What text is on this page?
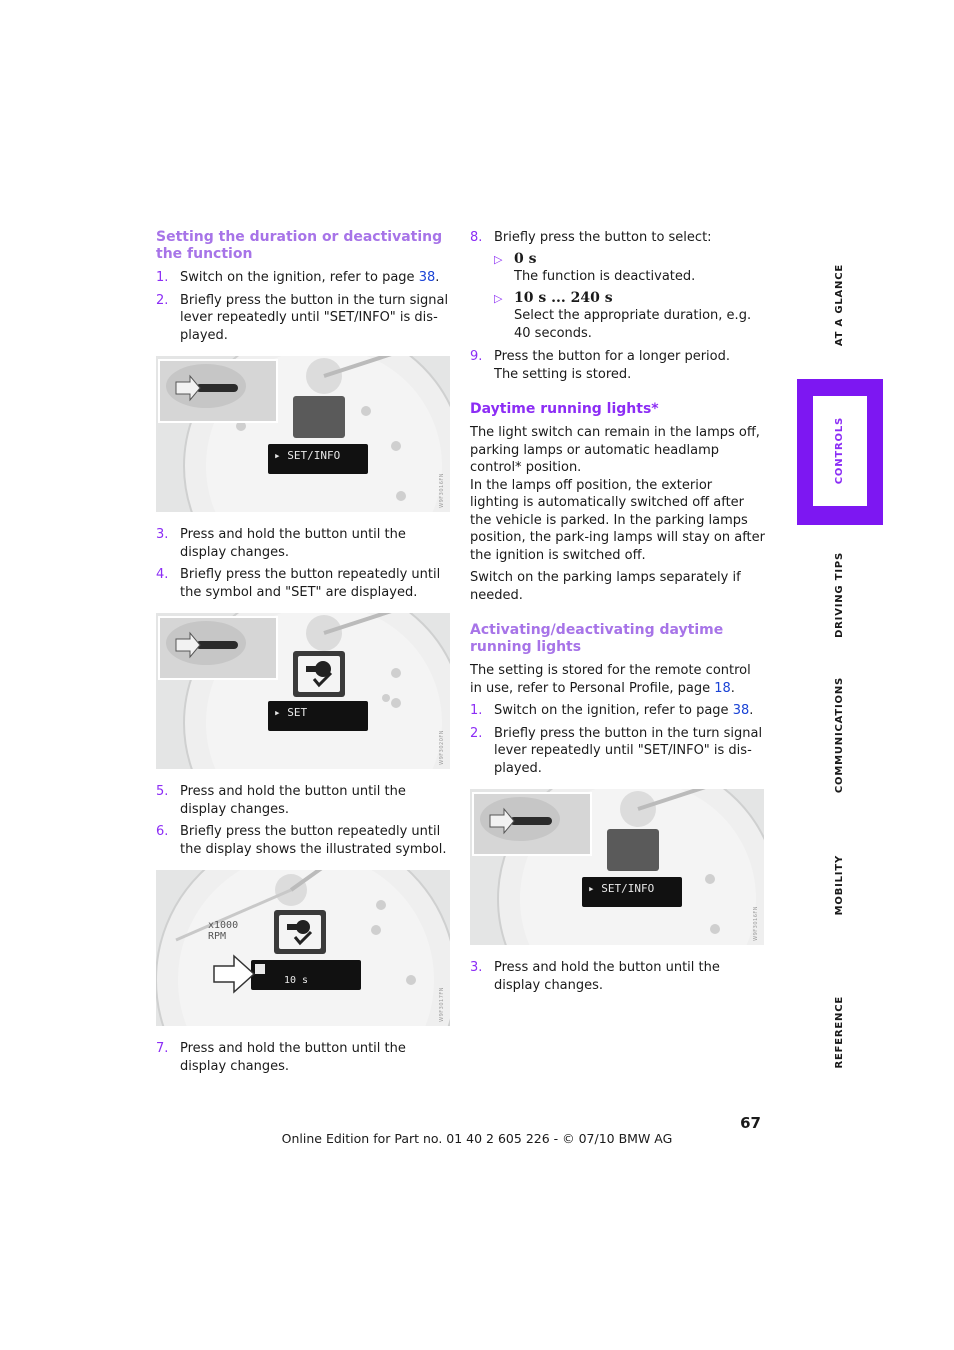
Setting the duration or deactivating the function
1. Switch on the ignition, refer to page 38.
2. Briefly press the button in the turn signal lever repeatedly until "SET/INFO" is dis-played.
▸ SET/INFO
W9F3016FN
3. Press and hold the button until the display changes.
4. Briefly press the button repeatedly until the symbol and "SET" are displayed.
▸ SET
W9F3020FN
5. Press and hold the button until the display changes.
6. Briefly press the button repeatedly until the display shows the illustrated symbol.
x1000 RPM
10 s
W9F3017FN
7. Press and hold the button until the display changes.
8. Briefly press the button to select:
▷ 0 s
The function is deactivated.
▷ 10 s ... 240 s
Select the appropriate duration, e.g. 40 seconds.
9. Press the button for a longer period.
The setting is stored.
Daytime running lights*

The light switch can remain in the lamps off, parking lamps or automatic headlamp control* position.

In the lamps off position, the exterior lighting is automatically switched off after the vehicle is parked. In the parking lamps position, the park-ing lamps will stay on after the ignition is switched off.

Switch on the parking lamps separately if needed.

Activating/deactivating daytime running lights

The setting is stored for the remote control in use, refer to Personal Profile, page 18.

1. Switch on the ignition, refer to page 38.
2. Briefly press the button in the turn signal lever repeatedly until "SET/INFO" is dis-played.
▸ SET/INFO
W9F3016FN
3. Press and hold the button until the display changes.
AT A GLANCE
CONTROLS
DRIVING TIPS
COMMUNICATIONS
MOBILITY
REFERENCE
67
Online Edition for Part no. 01 40 2 605 226 - © 07/10 BMW AG
